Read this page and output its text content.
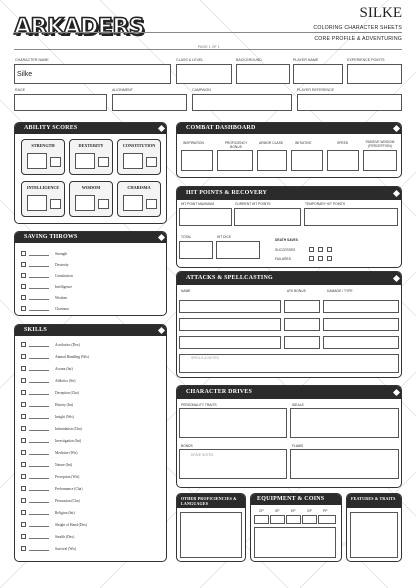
ARKADERS
SILKE
COLORING CHARACTER SHEETS
CORE PROFILE & ADVENTURING
PAGE 1 OF 1
CHARACTER NAME
Silke
CLASS & LEVEL	BACKGROUND	PLAYER NAME	EXPERIENCE POINTS
RACE	ALIGNMENT	CAMPAIGN	PLAYER REFERENCE
ABILITY SCORES
STRENGTH	DEXTERITY	CONSTITUTION
INTELLIGENCE	WISDOM	CHARISMA
COMBAT DASHBOARD
INSPIRATION	PROFICIENCY BONUS
ARMOR CLASS	INITIATIVE	SPEED	PASSIVE WISDOM (PERCEPTION)
HIT POINTS & RECOVERY
HIT POINT MAXIMUM	CURRENT HIT POINTS	TEMPORARY HIT POINTS
TOTAL	HIT DICE
DEATH SAVES
SUCCESSES
FAILURES
SAVING THROWS
Strength
Dexterity
Constitution
Intelligence
Wisdom
Charisma
ATTACKS & SPELLCASTING
NAME	ATK BONUS	DAMAGE / TYPE
SPELLS & NOTES
SKILLS
Acrobatics (Dex)
Animal Handling (Wis)
Arcana (Int)
Athletics (Str)
Deception (Cha)
History (Int)
Insight (Wis)
Intimidation (Cha)
Investigation (Int)
Medicine (Wis)
Nature (Int)
Perception (Wis)
Performance (Cha)
Persuasion (Cha)
Religion (Int)
Sleight of Hand (Dex)
Stealth (Dex)
Survival (Wis)
CHARACTER DRIVES
PERSONALITY TRAITS	IDEALS
BONDS	FLAWS
DRIVE NOTES
OTHER PROFICIENCIES & LANGUAGES
EQUIPMENT & COINS
CP	SP	EP	GP	PP
FEATURES & TRAITS
